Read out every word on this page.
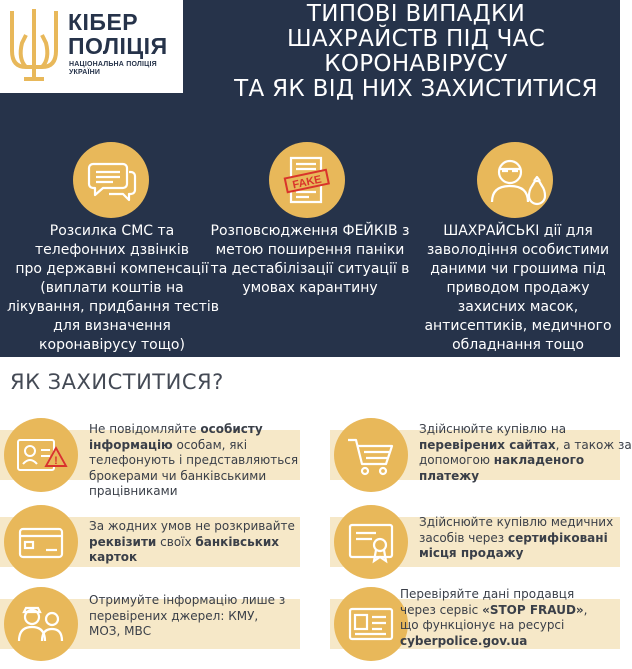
КІБЕР
ПОЛІЦІЯ
НАЦІОНАЛЬНА ПОЛІЦІЯ
УКРАЇНИ
ТИПОВІ ВИПАДКИ
ШАХРАЙСТВ ПІД ЧАС
КОРОНАВІРУСУ
ТА ЯК ВІД НИХ ЗАХИСТИТИСЯ
Розсилка СМС та
телефонних дзвінків
про державні компенсації
(виплати коштів на
лікування, придбання тестів
для визначення
коронавірусу тощо)
FAKE
Розповсюдження ФЕЙКІВ з
метою поширення паніки
та дестабілізації ситуації в
умовах карантину
ШАХРАЙСЬКІ дії для
заволодіння особистими
даними чи грошима під
приводом продажу
захисних масок,
антисептиків, медичного
обладнання тощо
ЯК ЗАХИСТИТИСЯ?
!
Не повідомляйте особисту
інформацію особам, які
телефонують і представляються
брокерами чи банківськими
працівниками
Здійснюйте купівлю на
перевірених сайтах, а також за
допомогою накладеного
платежу
За жодних умов не розкривайте
реквізити своїх банківських
карток
Здійснюйте купівлю медичних
засобів через сертифіковані
місця продажу
Отримуйте інформацію лише з
перевірених джерел: КМУ,
МОЗ, МВС
Перевіряйте дані продавця
через сервіс «STOP FRAUD»,
що функціонує на ресурсі
cyberpolice.gov.ua
